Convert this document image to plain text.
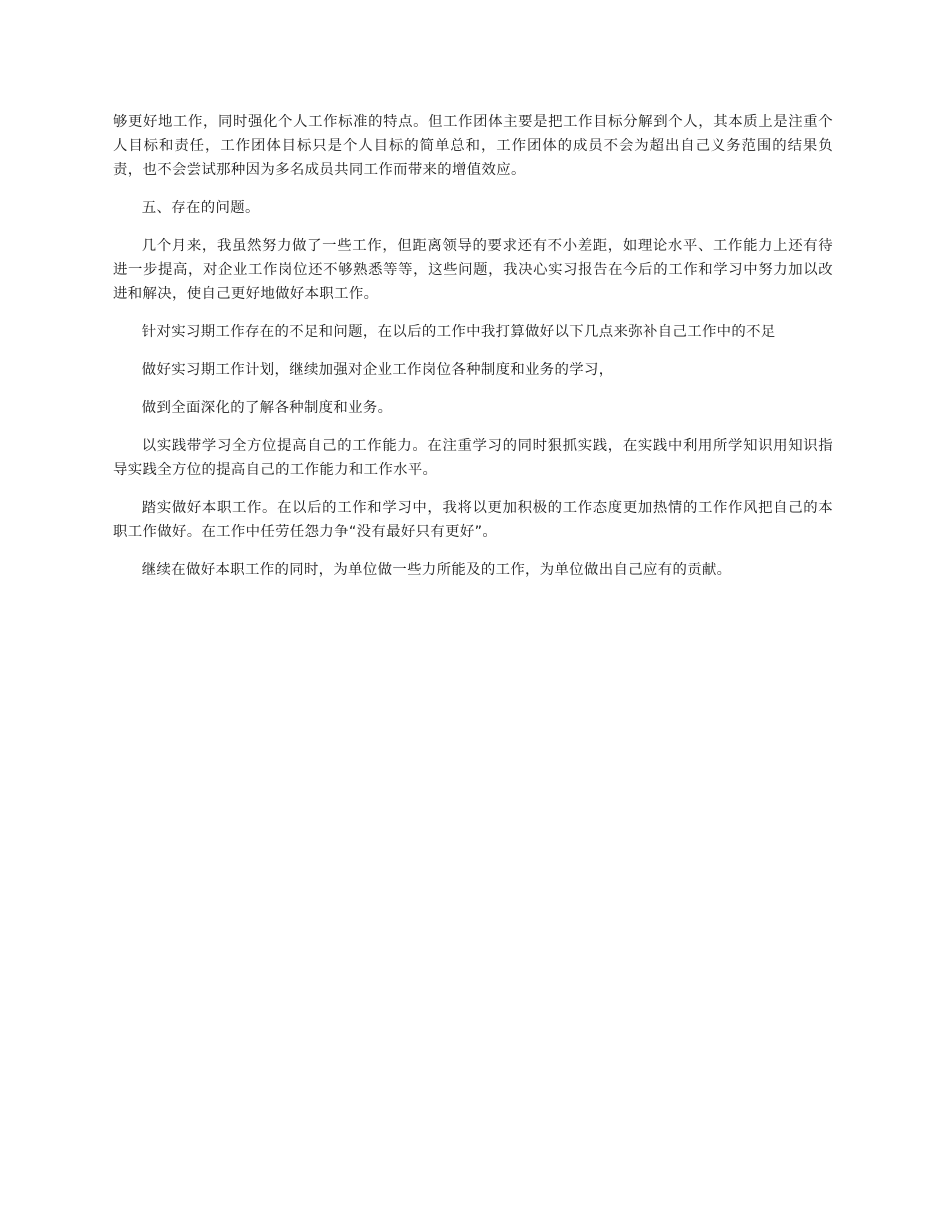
够更好地工作，同时强化个人工作标准的特点。但工作团体主要是把工作目标分解到个人，其本质上是注重个人目标和责任，工作团体目标只是个人目标的简单总和，工作团体的成员不会为超出自己义务范围的结果负责，也不会尝试那种因为多名成员共同工作而带来的增值效应。

五、存在的问题。

几个月来，我虽然努力做了一些工作，但距离领导的要求还有不小差距，如理论水平、工作能力上还有待进一步提高，对企业工作岗位还不够熟悉等等，这些问题，我决心实习报告在今后的工作和学习中努力加以改进和解决，使自己更好地做好本职工作。

针对实习期工作存在的不足和问题，在以后的工作中我打算做好以下几点来弥补自己工作中的不足

做好实习期工作计划，继续加强对企业工作岗位各种制度和业务的学习，

做到全面深化的了解各种制度和业务。

以实践带学习全方位提高自己的工作能力。在注重学习的同时狠抓实践，在实践中利用所学知识用知识指导实践全方位的提高自己的工作能力和工作水平。

踏实做好本职工作。在以后的工作和学习中，我将以更加积极的工作态度更加热情的工作作风把自己的本职工作做好。在工作中任劳任怨力争“没有最好只有更好”。

继续在做好本职工作的同时，为单位做一些力所能及的工作，为单位做出自己应有的贡献。
